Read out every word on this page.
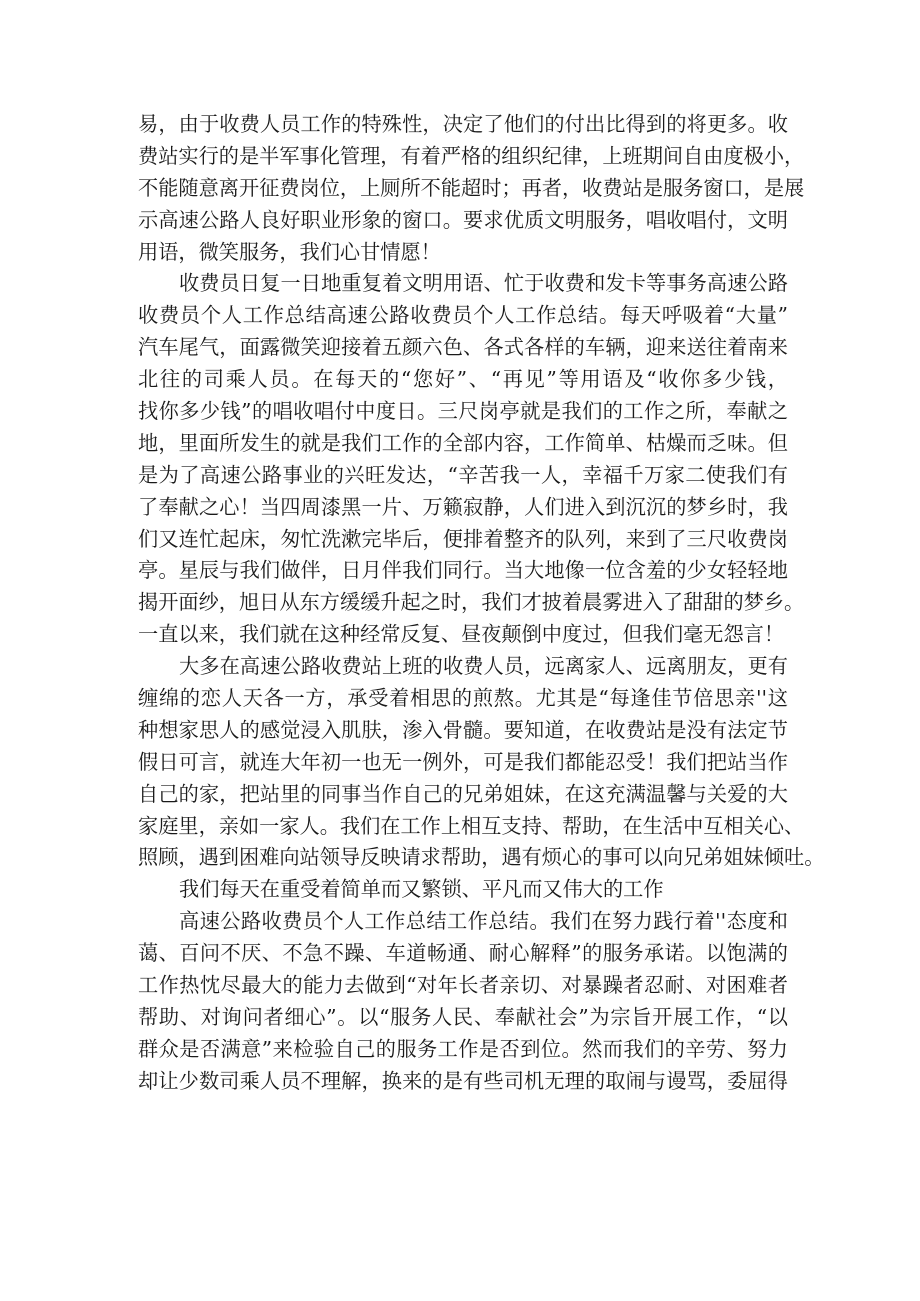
易，由于收费人员工作的特殊性，决定了他们的付出比得到的将更多。收
费站实行的是半军事化管理，有着严格的组织纪律，上班期间自由度极小，
不能随意离开征费岗位，上厕所不能超时；再者，收费站是服务窗口，是展
示高速公路人良好职业形象的窗口。要求优质文明服务，唱收唱付，文明
用语，微笑服务，我们心甘情愿！
收费员日复一日地重复着文明用语、忙于收费和发卡等事务高速公路
收费员个人工作总结高速公路收费员个人工作总结。每天呼吸着“大量”
汽车尾气，面露微笑迎接着五颜六色、各式各样的车辆，迎来送往着南来
北往的司乘人员。在每天的“您好”、“再见”等用语及“收你多少钱，
找你多少钱”的唱收唱付中度日。三尺岗亭就是我们的工作之所，奉献之
地，里面所发生的就是我们工作的全部内容，工作简单、枯燥而乏味。但
是为了高速公路事业的兴旺发达，“辛苦我一人，幸福千万家二使我们有
了奉献之心！当四周漆黑一片、万籁寂静，人们进入到沉沉的梦乡时，我
们又连忙起床，匆忙洗漱完毕后，便排着整齐的队列，来到了三尺收费岗
亭。星辰与我们做伴，日月伴我们同行。当大地像一位含羞的少女轻轻地
揭开面纱，旭日从东方缓缓升起之时，我们才披着晨雾进入了甜甜的梦乡。
一直以来，我们就在这种经常反复、昼夜颠倒中度过，但我们毫无怨言！
大多在高速公路收费站上班的收费人员，远离家人、远离朋友，更有
缠绵的恋人天各一方，承受着相思的煎熬。尤其是“每逢佳节倍思亲''这
种想家思人的感觉浸入肌肤，渗入骨髓。要知道，在收费站是没有法定节
假日可言，就连大年初一也无一例外，可是我们都能忍受！我们把站当作
自己的家，把站里的同事当作自己的兄弟姐妹，在这充满温馨与关爱的大
家庭里，亲如一家人。我们在工作上相互支持、帮助，在生活中互相关心、
照顾，遇到困难向站领导反映请求帮助，遇有烦心的事可以向兄弟姐妹倾吐。
我们每天在重受着简单而又繁锁、平凡而又伟大的工作
高速公路收费员个人工作总结工作总结。我们在努力践行着''态度和
蔼、百问不厌、不急不躁、车道畅通、耐心解释”的服务承诺。以饱满的
工作热忱尽最大的能力去做到“对年长者亲切、对暴躁者忍耐、对困难者
帮助、对询问者细心”。以“服务人民、奉献社会”为宗旨开展工作，“以
群众是否满意”来检验自己的服务工作是否到位。然而我们的辛劳、努力
却让少数司乘人员不理解，换来的是有些司机无理的取闹与谩骂，委屈得
